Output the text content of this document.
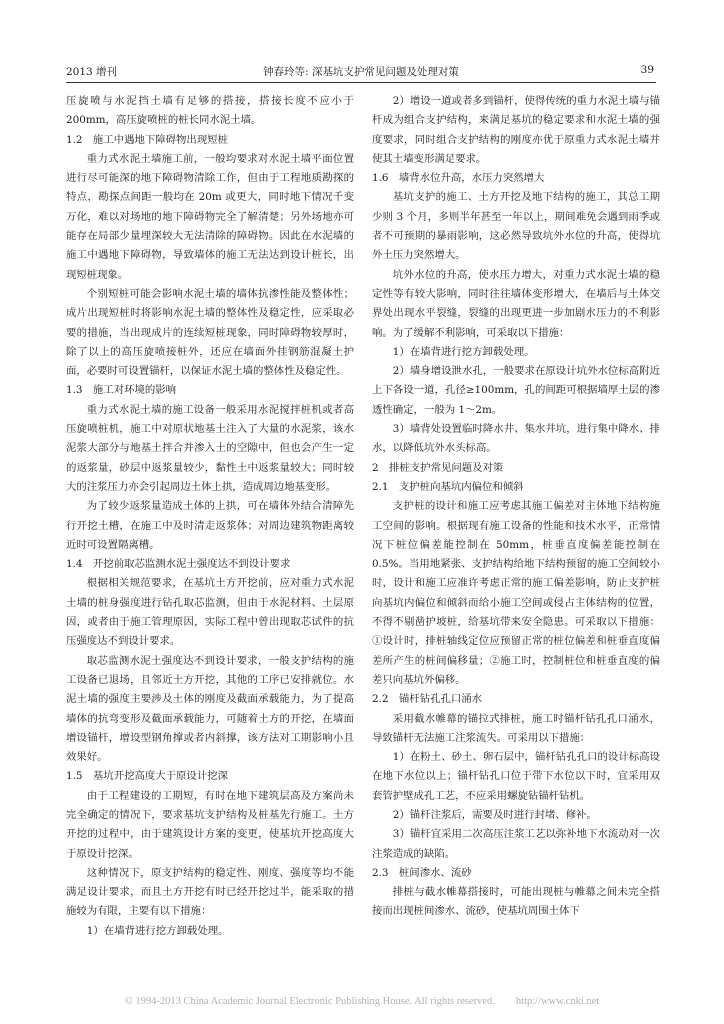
2013 增刊	钟春玲等: 深基坑支护常见问题及处理对策	39

压旋喷与水泥挡土墙有足够的搭接，搭接长度不应小于 200mm，高压旋喷桩的桩长同水泥土墙。

1.2　施工中遇地下障碍物出现短桩

重力式水泥土墙施工前，一般均要求对水泥土墙平面位置进行尽可能深的地下障碍物清除工作，但由于工程地质勘探的特点，勘探点间距一般均在 20m 或更大，同时地下情况千变万化，难以对场地的地下障碍物完全了解清楚；另外场地亦可能存在局部少量埋深较大无法清除的障碍物。因此在水泥墙的施工中遇地下障碍物，导致墙体的施工无法达到设计桩长，出现短桩现象。

个别短桩可能会影响水泥土墙的墙体抗渗性能及整体性；成片出现短桩时将影响水泥土墙的整体性及稳定性，应采取必要的措施，当出现成片的连续短桩现象，同时障碍物较厚时，除了以上的高压旋喷接桩外，还应在墙面外挂钢筋混凝土护面，必要时可设置锚杆，以保证水泥土墙的整体性及稳定性。

1.3　施工对环境的影响

重力式水泥土墙的施工设备一般采用水泥搅拌桩机或者高压旋喷桩机，施工中对原状地基土注入了大量的水泥浆，该水泥浆大部分与地基土拌合并渗入土的空隙中，但也会产生一定的返浆量，砂层中返浆量较少，黏性土中返浆量较大；同时较大的注浆压力亦会引起周边土体上拱，造成周边地基变形。

为了较少返浆量造成土体的上拱，可在墙体外结合清障先行开挖土槽，在施工中及时清走返浆体；对周边建筑物距离较近时可设置隔离槽。

1.4　开挖前取芯监测水泥土强度达不到设计要求

根据相关规范要求，在基坑土方开挖前，应对重力式水泥土墙的桩身强度进行钻孔取芯监测，但由于水泥材料、土层原因，或者由于施工管理原因，实际工程中曾出现取芯试件的抗压强度达不到设计要求。

取芯监测水泥土强度达不到设计要求，一般支护结构的施工设备已退场，且邻近土方开挖，其他的工序已安排就位。水泥土墙的强度主要涉及土体的刚度及截面承载能力，为了提高墙体的抗弯变形及截面承载能力，可随着土方的开挖，在墙面增设锚杆，增设型钢角撑或者内斜撑，该方法对工期影响小且效果好。

1.5　基坑开挖高度大于原设计挖深

由于工程建设的工期短，有时在地下建筑层高及方案尚未完全确定的情况下，要求基坑支护结构及桩基先行施工。土方开挖的过程中，由于建筑设计方案的变更，使基坑开挖高度大于原设计挖深。

这种情况下，原支护结构的稳定性、刚度、强度等均不能满足设计要求，而且土方开挖有时已经开挖过半，能采取的措施较为有限，主要有以下措施：

1）在墙背进行挖方卸载处理。

2）增设一道或者多到锚杆，使得传统的重力水泥土墙与锚杆成为组合支护结构，来满足基坑的稳定要求和水泥土墙的强度要求，同时组合支护结构的刚度亦优于原重力式水泥土墙并使其土墙变形满足要求。

1.6　墙背水位升高，水压力突然增大

基坑支护的施工、土方开挖及地下结构的施工，其总工期少则 3 个月，多则半年甚至一年以上，期间难免会遇到雨季或者不可预期的暴雨影响，这必然导致坑外水位的升高，使得坑外土压力突然增大。

坑外水位的升高，使水压力增大，对重力式水泥土墙的稳定性等有较大影响，同时往往墙体变形增大，在墙后与土体交界处出现水平裂缝，裂缝的出现更进一步加剧水压力的不利影响。为了缓解不利影响，可采取以下措施：

1）在墙背进行挖方卸载处理。

2）墙身增设泄水孔，一般要求在原设计坑外水位标高附近上下各设一道，孔径≥100mm，孔的间距可根据墙厚土层的渗透性确定，一般为 1～2m。

3）墙背处设置临时降水井、集水井坑，进行集中降水、排水，以降低坑外水头标高。

2　排桩支护常见问题及对策

2.1　支护桩向基坑内偏位和倾斜

支护桩的设计和施工应考虑其施工偏差对主体地下结构施工空间的影响。根据现有施工设备的性能和技术水平，正常情况下桩位偏差能控制在 50mm，桩垂直度偏差能控制在 0.5%。当用地紧张、支护结构给地下结构预留的施工空间较小时，设计和施工应准许考虑正常的施工偏差影响，防止支护桩向基坑内偏位和倾斜而给小施工空间或侵占主体结构的位置，不得不剔凿护坡桩，给基坑带来安全隐患。可采取以下措施：①设计时，排桩轴线定位应预留正常的桩位偏差和桩垂直度偏差所产生的桩间偏移量；②施工时，控制桩位和桩垂直度的偏差只向基坑外偏移。

2.2　锚杆钻孔孔口涌水

采用截水帷幕的锚拉式排桩，施工时锚杆钻孔孔口涌水，导致锚杆无法施工注浆流失。可采用以下措施：

1）在粉土、砂土、卵石层中，锚杆钻孔孔口的设计标高设在地下水位以上；锚杆钻孔口位于带下水位以下时，宜采用双套管护壁成孔工艺，不应采用螺旋钻锚杆钻机。

2）锚杆注浆后，需要及时进行封堵、修补。

3）锚杆宜采用二次高压注浆工艺以弥补地下水流动对一次注浆造成的缺陷。

2.3　桩间渗水、流砂

排桩与截水帷幕搭接时，可能出现桩与帷幕之间未完全搭接而出现桩间渗水、流砂，使基坑周围土体下

© 1994-2013 China Academic Journal Electronic Publishing House. All rights reserved.　　http://www.cnki.net
